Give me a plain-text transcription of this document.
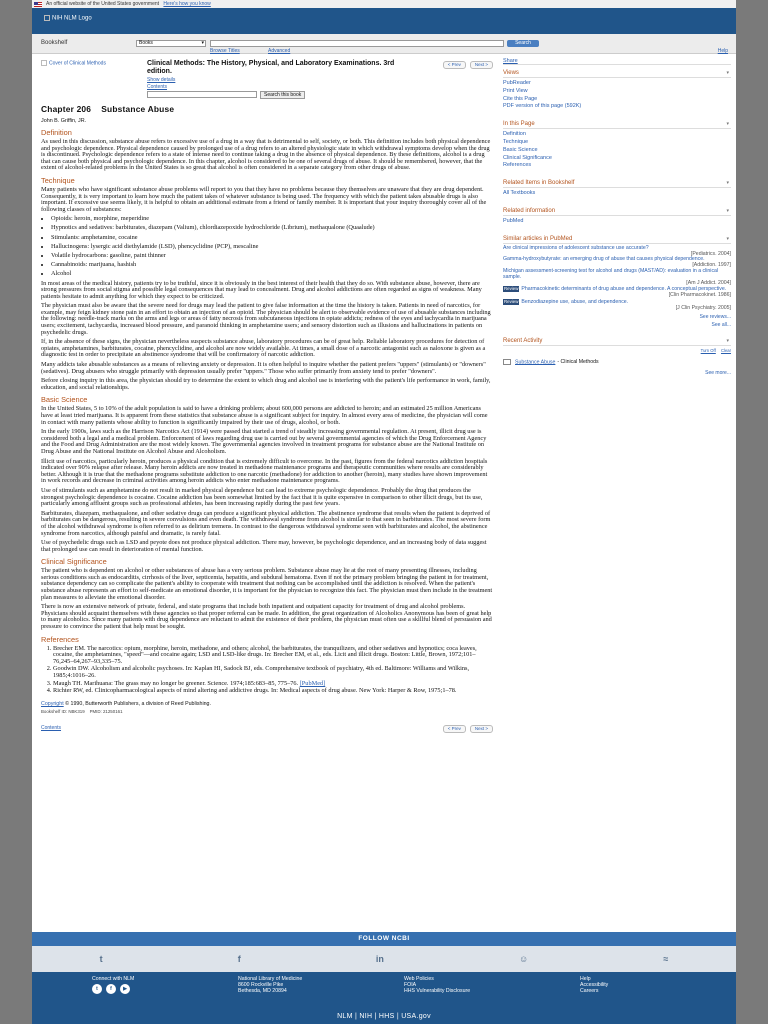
An official website of the United States government Here's how you know
NIH NLM Logo
Bookshelf	Books ▾	Search
Browse Titles	Advanced	Help
Cover of Clinical Methods	Clinical Methods: The History, Physical, and Laboratory Examinations. 3rd edition.
< Prev	Next >
Show details
Contents
Search this book
Chapter 206    Substance Abuse
John B. Griffin, JR.
Definition

As used in this discussion, substance abuse refers to excessive use of a drug in a way that is detrimental to self, society, or both. This definition includes both physical dependence and psychologic dependence. Physical dependence caused by prolonged use of a drug refers to an altered physiologic state in which withdrawal symptoms develop when the drug is discontinued. Psychologic dependence refers to a state of intense need to continue taking a drug in the absence of physical dependence. By these definitions, alcohol is a drug that can cause both physical and psychologic dependence. In this chapter, alcohol is considered to be one of several drugs of abuse. It should be remembered, however, that the extent of alcohol-related problems in the United States is so great that alcohol is often considered in a separate category from other drugs of abuse.

Technique

Many patients who have significant substance abuse problems will report to you that they have no problems because they themselves are unaware that they are drug dependent. Consequently, it is very important to learn how much the patient takes of whatever substance is being used. The frequency with which the patient takes abusable drugs is also important. If excessive use seems likely, it is helpful to obtain an additional estimate from a friend or family member. It is important that your inquiry thoroughly cover all of the following classes of substances:

• Opioids: heroin, morphine, meperidine
• Hypnotics and sedatives: barbiturates, diazepam (Valium), chlordiazepoxide hydrochloride (Librium), methaqualone (Quaalude)
• Stimulants: amphetamine, cocaine
• Hallucinogens: lysergic acid diethylamide (LSD), phencyclidine (PCP), mescaline
• Volatile hydrocarbons: gasoline, paint thinner
• Cannabinoids: marijuana, hashish
• Alcohol

In most areas of the medical history, patients try to be truthful, since it is obviously in the best interest of their health that they do so. With substance abuse, however, there are strong pressures from social stigma and possible legal consequences that may lead to concealment. Drug and alcohol addictions are often regarded as signs of weakness. Many patients hesitate to admit anything for which they expect to be criticized.

The physician must also be aware that the severe need for drugs may lead the patient to give false information at the time the history is taken. Patients in need of narcotics, for example, may feign kidney stone pain in an effort to obtain an injection of an opioid. The physician should be alert to observable evidence of use of abusable substances including the following: needle-track marks on the arms and legs or areas of fatty necrosis from subcutaneous injections in opiate addicts; redness of the eyes and tachycardia in marijuana users; excitement, tachycardia, increased blood pressure, and paranoid thinking in amphetamine users; and sensory distortion such as illusions and hallucinations in patients on psychedelic drugs.

If, in the absence of these signs, the physician nevertheless suspects substance abuse, laboratory procedures can be of great help. Reliable laboratory procedures for detection of opiates, amphetamines, barbiturates, cocaine, phencyclidine, and alcohol are now widely available. At times, a small dose of a narcotic antagonist such as naloxone is given as a diagnostic test in order to precipitate an abstinence syndrome that will be confirmatory of narcotic addiction.

Many addicts take abusable substances as a means of relieving anxiety or depression. It is often helpful to inquire whether the patient prefers "uppers" (stimulants) or "downers" (sedatives). Drug abusers who struggle primarily with depression usually prefer "uppers." Those who suffer primarily from anxiety tend to prefer "downers".

Before closing inquiry in this area, the physician should try to determine the extent to which drug and alcohol use is interfering with the patient's life performance in work, family, education, and social relationships.

Basic Science

In the United States, 5 to 10% of the adult population is said to have a drinking problem; about 600,000 persons are addicted to heroin; and an estimated 25 million Americans have at least tried marijuana. It is apparent from these statistics that substance abuse is a significant subject for inquiry. In almost every area of medicine, the physician will come in contact with many patients whose ability to function is significantly impaired by their use of drugs, alcohol, or both.

In the early 1900s, laws such as the Harrison Narcotics Act (1914) were passed that started a trend of steadily increasing governmental regulation. At present, illicit drug use is considered both a legal and a medical problem. Enforcement of laws regarding drug use is carried out by several governmental agencies of which the Drug Enforcement Agency and the Food and Drug Administration are the most widely known. The governmental agencies involved in treatment programs for substance abuse are the National Institute on Drug Abuse and the National Institute on Alcohol Abuse and Alcoholism.

Illicit use of narcotics, particularly heroin, produces a physical condition that is extremely difficult to overcome. In the past, figures from the federal narcotics addiction hospitals indicated over 90% relapse after release. Many heroin addicts are now treated in methadone maintenance programs and therapeutic communities where results are considerably better. Although it is true that the methadone programs substitute addiction to one narcotic (methadone) for addiction to another (heroin), many studies have shown improvement in work records and decrease in criminal activities among heroin addicts who enter methadone maintenance programs.

Use of stimulants such as amphetamine do not result in marked physical dependence but can lead to extreme psychologic dependence. Probably the drug that produces the strongest psychologic dependence is cocaine. Cocaine addiction has been somewhat limited by the fact that it is quite expensive in comparison to other illicit drugs, but its use, particularly among affluent groups such as professional athletes, has been increasing rapidly during the past few years.

Barbiturates, diazepam, methaqualone, and other sedative drugs can produce a significant physical addiction. The abstinence syndrome that results when the patient is deprived of barbiturates can be dangerous, resulting in severe convulsions and even death. The withdrawal syndrome from alcohol is similar to that seen in barbiturates. The most severe form of the alcohol withdrawal syndrome is often referred to as delirium tremens. In contrast to the dangerous withdrawal syndrome seen with barbiturates and alcohol, the abstinence syndrome from narcotics, although painful and dramatic, is rarely fatal.

Use of psychedelic drugs such as LSD and peyote does not produce physical addiction. There may, however, be psychologic dependence, and an increasing body of data suggest that prolonged use can result in deterioration of mental function.

Clinical Significance

The patient who is dependent on alcohol or other substances of abuse has a very serious problem. Substance abuse may lie at the root of many presenting illnesses, including serious conditions such as endocarditis, cirrhosis of the liver, septicemia, hepatitis, and subdural hematoma. Even if not the primary problem bringing the patient in for treatment, substance dependency can so complicate the patient's ability to cooperate with treatment that nothing can be accomplished until the addiction is resolved. When the patient's substance abuse represents an effort to self-medicate an emotional disorder, it is important for the physician to recognize this fact. The physician must then include in the treatment plan measures to alleviate the emotional disorder.

There is now an extensive network of private, federal, and state programs that include both inpatient and outpatient capacity for treatment of drug and alcohol problems. Physicians should acquaint themselves with these agencies so that proper referral can be made. In addition, the great organization of Alcoholics Anonymous has been of great help to many alcoholics. Since many patients with drug dependence are reluctant to admit the existence of their problem, the physician must often use a skillful blend of persuasion and pressure to convince the patient that help must be sought.

References
1. Brecher EM. The narcotics: opium, morphine, heroin, methadone, and others; alcohol, the barbiturates, the tranquilizers, and other sedatives and hypnotics; coca leaves, cocaine, the amphetamines, "speed"—and cocaine again; LSD and LSD-like drugs. In: Brecher EM, et al., eds. Licit and illicit drugs. Boston: Little, Brown, 1972;101–76,245–64,267–93,335–75.
2. Goodwin DW. Alcoholism and alcoholic psychoses. In: Kaplan HI, Sadock BJ, eds. Comprehensive textbook of psychiatry, 4th ed. Baltimore: Williams and Wilkins, 1985;4:1016–26.
3. Maugh TH. Marihuana: The grass may no longer be greener. Science. 1974;185:683–85, 775–76. [PubMed]
4. Richter RW, ed. Clinicopharmacological aspects of mind altering and addictive drugs. In: Medical aspects of drug abuse. New York: Harper & Row, 1975;1–78.
Copyright © 1990, Butterworth Publishers, a division of Reed Publishing.
Bookshelf ID: NBK319    PMID: 21250161
Contents	< Prev	Next >
Share
Views ▾
PubReader
Print View
Cite this Page
PDF version of this page (592K)
In this Page ▾
Definition
Technique
Basic Science
Clinical Significance
References
Related Items in Bookshelf ▾
All Textbooks
Related information ▾
PubMed
Similar articles in PubMed ▾
Are clinical impressions of adolescent substance use accurate?
[Pediatrics. 2004]
Gamma-hydroxybutyrate: an emerging drug of abuse that causes physical dependence.
[Addiction. 1997]
Michigan assessment-screening test for alcohol and drugs (MAST/AD): evaluation in a clinical sample.
[Am J Addict. 2004]
Review Pharmacokinetic determinants of drug abuse and dependence. A conceptual perspective.
[Clin Pharmacokinet. 1986]
Review Benzodiazepine use, abuse, and dependence.
[J Clin Psychiatry. 2005]
See reviews...
See all...
Recent Activity ▾
Turn Off Clear
Substance Abuse - Clinical Methods
See more...
FOLLOW NCBI
t	f	in	☺	≈
Connect with NLM
t	f	▶
National Library of Medicine
8600 Rockville Pike
Bethesda, MD 20894
Web Policies
FOIA
HHS Vulnerability Disclosure
Help
Accessibility
Careers
NLM | NIH | HHS | USA.gov
